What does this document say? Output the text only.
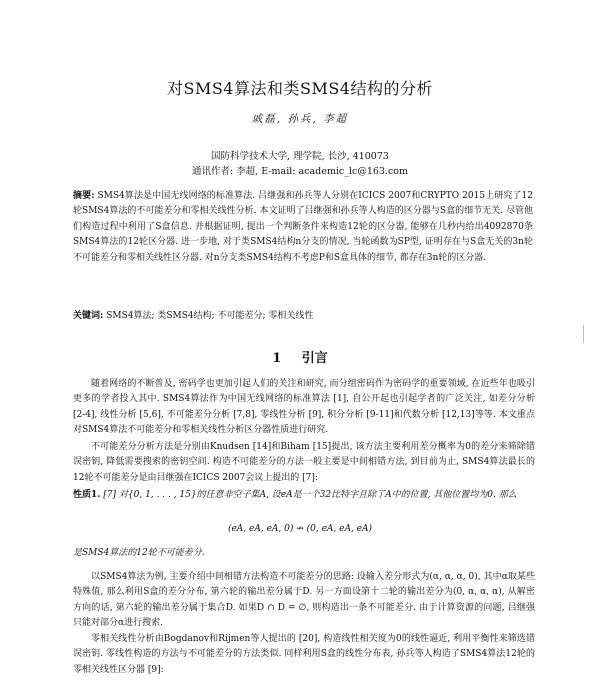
对SMS4算法和类SMS4结构的分析
戚磊, 孙兵, 李超
国防科学技术大学, 理学院, 长沙, 410073
通讯作者: 李超, E-mail: academic_lc@163.com
摘要: SMS4算法是中国无线网络的标准算法. 吕继强和孙兵等人分别在ICICS 2007和CRYPTO 2015上研究了12轮SMS4算法的不可能差分和零相关线性分析. 本文证明了吕继强和孙兵等人构造的区分器与S盒的细节无关. 尽管他们构造过程中利用了S盒信息. 并根据证明, 提出一个判断条件来构造12轮的区分器, 能够在几秒内给出4092870条SMS4算法的12轮区分器. 进一步地, 对于类SMS4结构n分支的情况, 当轮函数为SP型, 证明存在与S盒无关的3n轮不可能差分和零相关线性区分器. 对n分支类SMS4结构不考虑P和S盒具体的细节, 都存在3n轮的区分器.
关键词: SMS4算法; 类SMS4结构; 不可能差分; 零相关线性
1 引言

随着网络的不断普及, 密码学也更加引起人们的关注和研究, 而分组密码作为密码学的重要领域, 在近些年也吸引更多的学者投入其中. SMS4算法作为中国无线网络的标准算法 [1], 自公开起也引起学者的广泛关注, 如差分分析 [2-4], 线性分析 [5,6], 不可能差分分析 [7,8], 零线性分析 [9], 积分分析 [9-11]和代数分析 [12,13]等等. 本文重点对SMS4算法不可能差分和零相关线性分析区分器性质进行研究.

不可能差分分析方法是分别由Knudsen [14]和Biham [15]提出, 该方法主要利用差分概率为0的差分来筛除错误密钥, 降低需要搜索的密钥空间. 构造不可能差分的方法一般主要是中间相错方法, 到目前为止, SMS4算法最长的12轮不可能差分是由吕继强在ICICS 2007会议上提出的 [7]:

性质1. [7] 对{0, 1, . . . , 15}的任意非空子集A, 设eA是一个32比特字且除了A中的位置, 其他位置均为0. 那么
(eA, eA, eA, 0) ↛ (0, eA, eA, eA)
是SMS4算法的12轮不可能差分.

以SMS4算法为例, 主要介绍中间相错方法构造不可能差分的思路: 设输入差分形式为(α, α, α, 0), 其中α取某些特殊值, 那么利用S盒的差分分布, 第六轮的输出差分属于D. 另一方面设第十二轮的输出差分为(0, α, α, α), 从解密方向的话, 第六轮的输出差分属于集合D. 如果D ∩ D = ∅, 则构造出一条不可能差分. 由于计算资源的问题, 吕继强只能对部分α进行搜索.

零相关线性分析由Bogdanov和Rijmen等人提出的 [20], 构造线性相关度为0的线性逼近, 利用平衡性来筛选错误密钥. 零线性构造的方法与不可能差分的方法类似. 同样利用S盒的线性分布表, 孙兵等人构造了SMS4算法12轮的零相关线性区分器 [9]:
